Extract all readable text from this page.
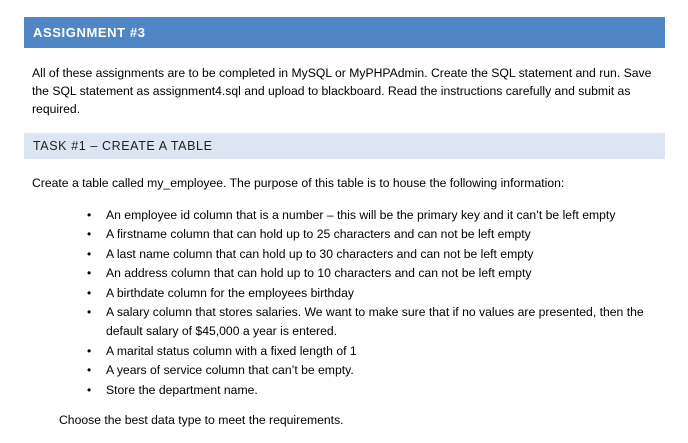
ASSIGNMENT #3

All of these assignments are to be completed in MySQL or MyPHPAdmin. Create the SQL statement and run. Save the SQL statement as assignment4.sql and upload to blackboard. Read the instructions carefully and submit as required.

TASK #1 – CREATE A TABLE

Create a table called my_employee. The purpose of this table is to house the following information:

• An employee id column that is a number – this will be the primary key and it can’t be left empty
• A firstname column that can hold up to 25 characters and can not be left empty
• A last name column that can hold up to 30 characters and can not be left empty
• An address column that can hold up to 10 characters and can not be left empty
• A birthdate column for the employees birthday
• A salary column that stores salaries. We want to make sure that if no values are presented, then the default salary of $45,000 a year is entered.
• A marital status column with a fixed length of 1
• A years of service column that can’t be empty.
• Store the department name.

Choose the best data type to meet the requirements.
